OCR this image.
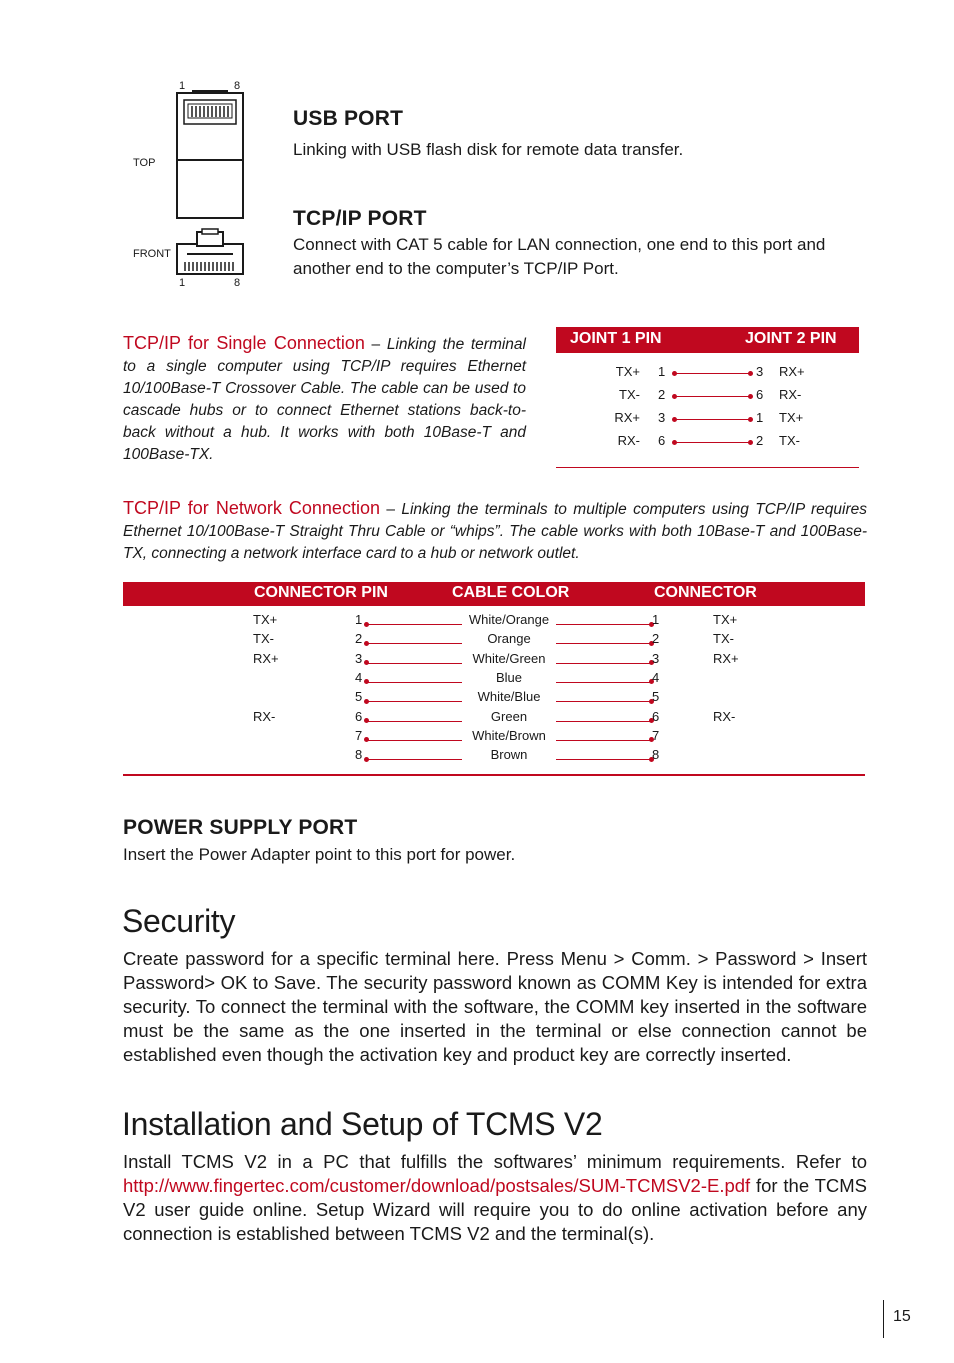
1	8
TOP
FRONT
1	8
USB PORT
Linking with USB flash disk for remote data transfer.
TCP/IP PORT
Connect with CAT 5 cable for LAN connection, one end to this port and another end to the computer’s TCP/IP Port.
TCP/IP for Single Connection – Linking the terminal to a single computer using TCP/IP requires Ethernet 10/100Base-T Crossover Cable. The cable can be used to cascade hubs or to connect Ethernet stations back-to-back without a hub. It works with both 10Base-T and 100Base-TX.
JOINT 1 PIN	JOINT 2 PIN
TX+ 1	3 RX+
TX- 2	6 RX-
RX+ 3	1 TX+
RX- 6	2 TX-
TCP/IP for Network Connection – Linking the terminals to multiple computers using TCP/IP requires Ethernet 10/100Base-T Straight Thru Cable or “whips”. The cable works with both 10Base-T and 100Base-TX, connecting a network interface card to a hub or network outlet.
CONNECTOR PIN	CABLE COLOR	CONNECTOR
TX+	1	White/Orange	1	TX+
TX-	2	Orange	2	TX-
RX+	3	White/Green	3	RX+
4	Blue	4
5	White/Blue	5
RX-	6	Green	6	RX-
7	White/Brown	7
8	Brown	8
POWER SUPPLY PORT
Insert the Power Adapter point to this port for power.
Security
Create password for a specific terminal here. Press Menu > Comm. > Password > Insert Password> OK to Save. The security password known as COMM Key is intended for extra security. To connect the terminal with the software, the COMM key inserted in the software must be the same as the one inserted in the terminal or else connection cannot be established even though the activation key and product key are correctly inserted.
Installation and Setup of TCMS V2
Install TCMS V2 in a PC that fulfills the softwares’ minimum requirements. Refer to http://www.fingertec.com/customer/download/postsales/SUM-TCMSV2-E.pdf for the TCMS V2 user guide online. Setup Wizard will require you to do online activation before any connection is established between TCMS V2 and the terminal(s).
15
